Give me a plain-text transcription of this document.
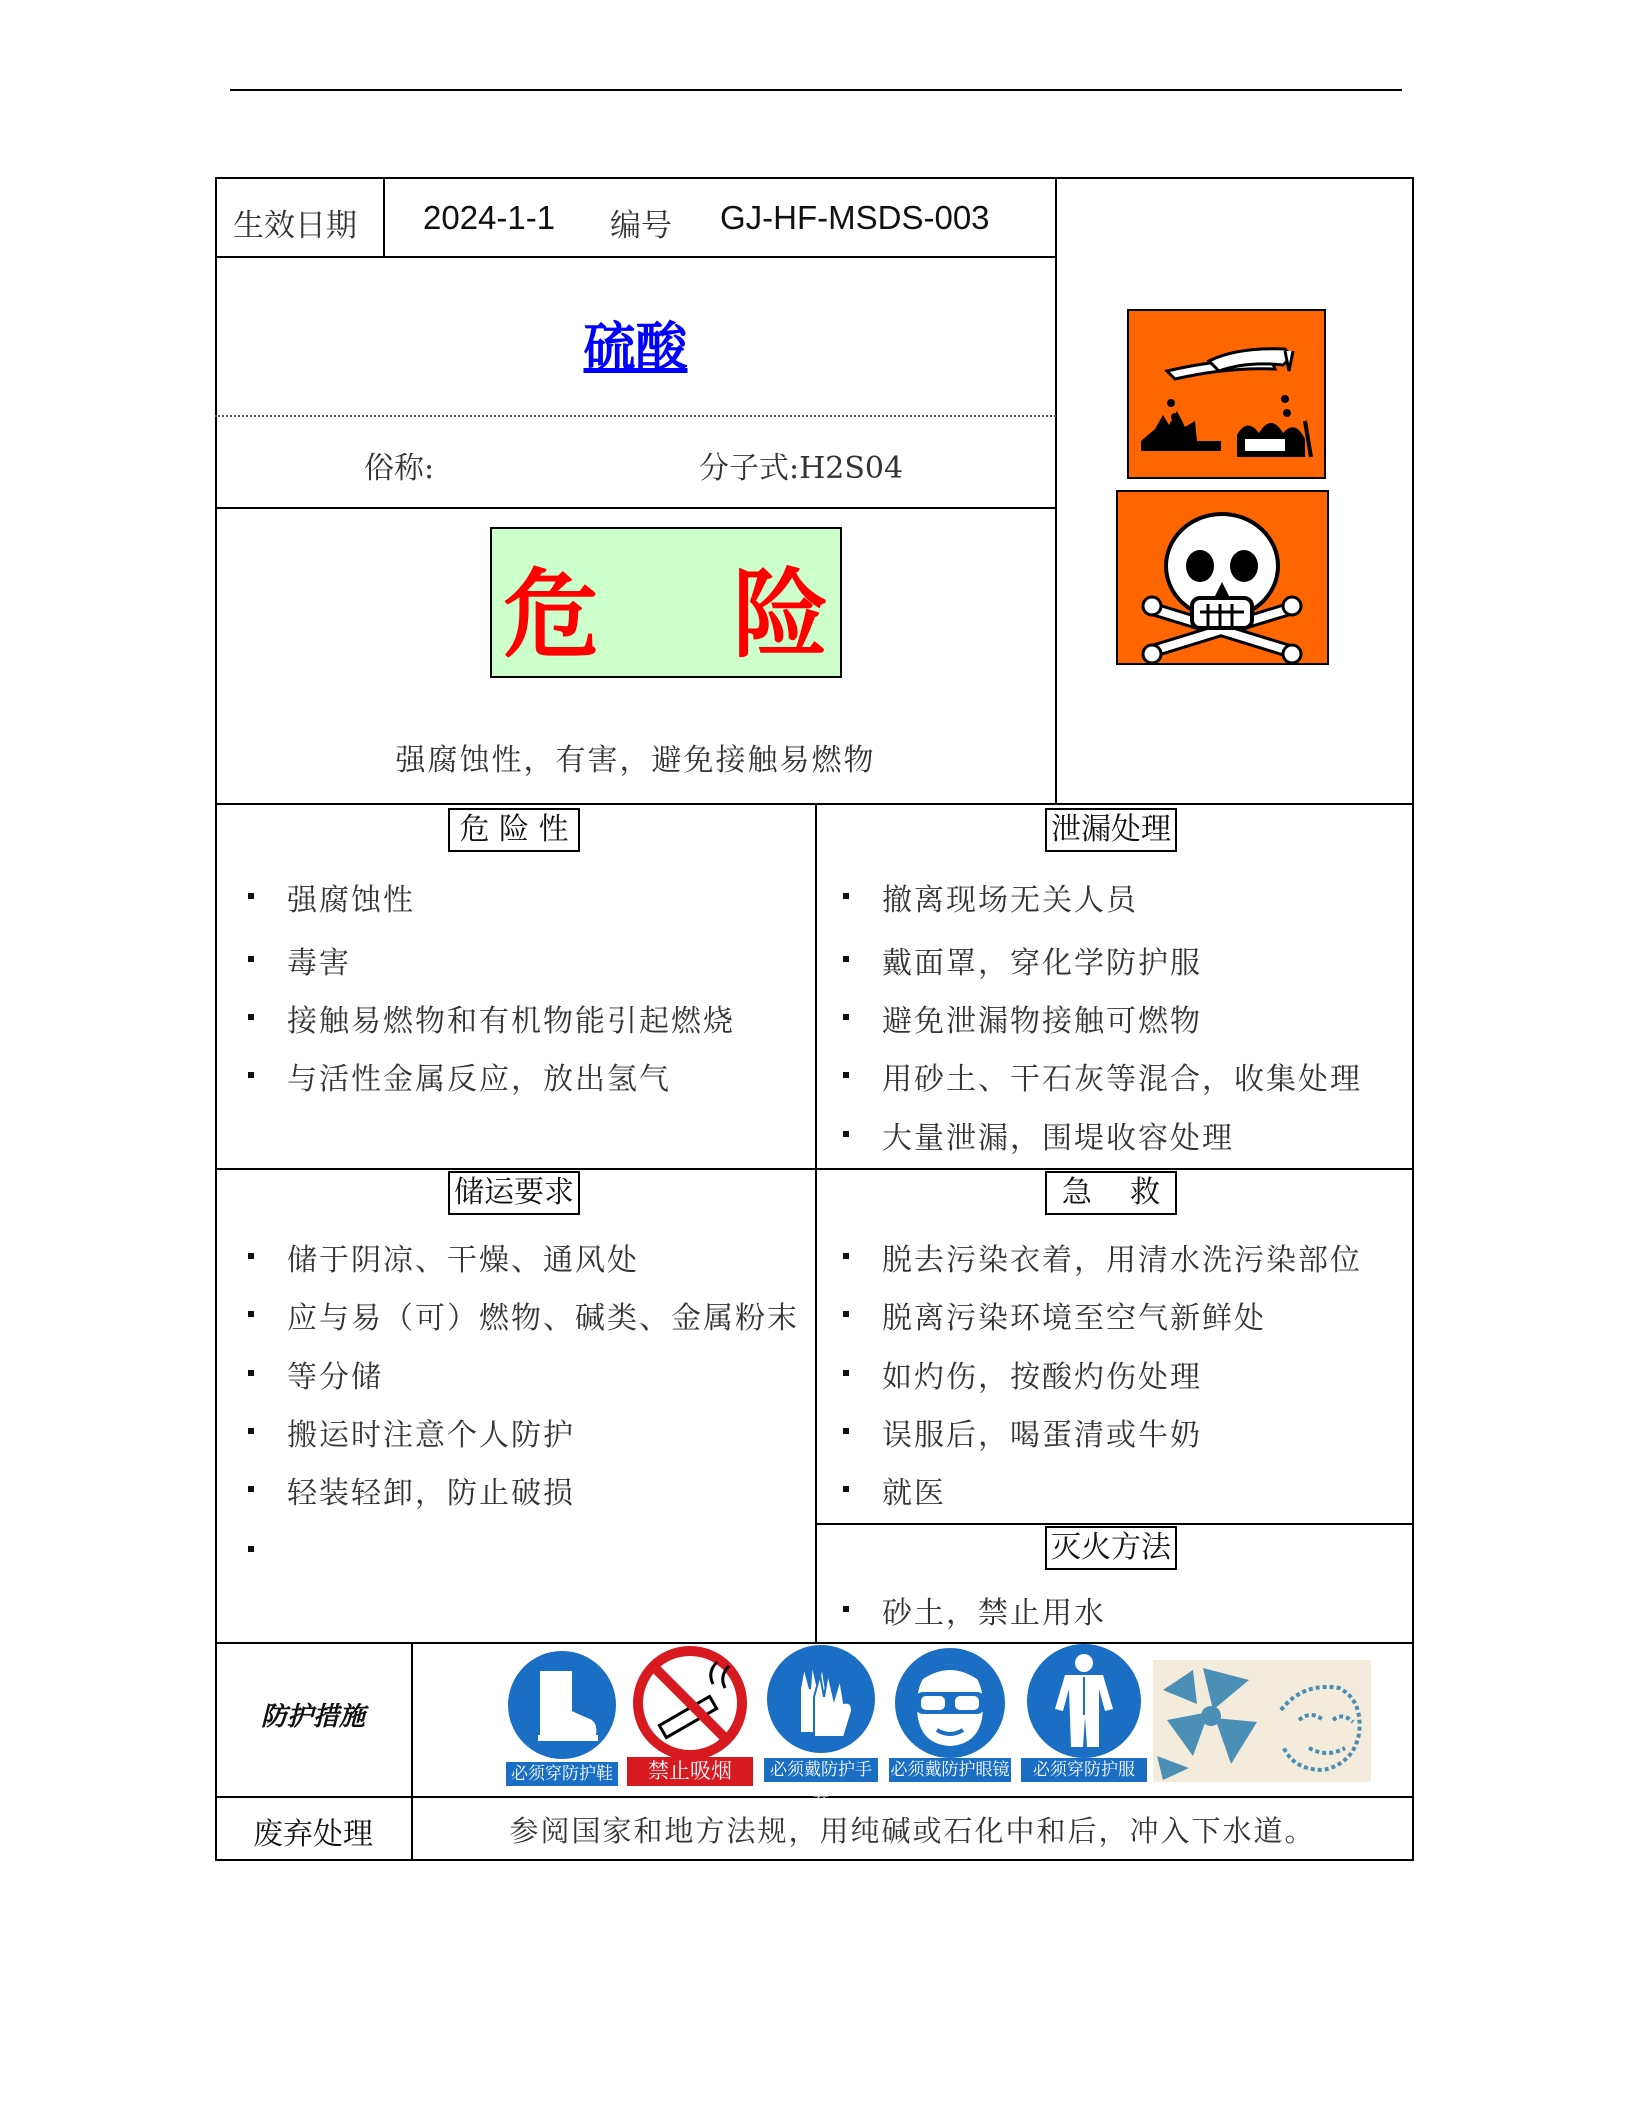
生效日期 2024-1-1 编号 GJ-HF-MSDS-003
硫酸
俗称:	分子式:H2S04
危 险
强腐蚀性，有害，避免接触易燃物
危 险 性
强腐蚀性
毒害
接触易燃物和有机物能引起燃烧
与活性金属反应，放出氢气
泄漏处理
撤离现场无关人员
戴面罩，穿化学防护服
避免泄漏物接触可燃物
用砂土、干石灰等混合，收集处理
大量泄漏，围堤收容处理
储运要求
储于阴凉、干燥、通风处
应与易（可）燃物、碱类、金属粉末
等分储
搬运时注意个人防护
轻装轻卸，防止破损
急    救
脱去污染衣着，用清水洗污染部位
脱离污染环境至空气新鲜处
如灼伤，按酸灼伤处理
误服后，喝蛋清或牛奶
就医
灭火方法
砂土，禁止用水
防护措施
必须穿防护鞋	禁止吸烟	必须戴防护手套
必须戴防护眼镜	必须穿防护服
废弃处理	参阅国家和地方法规，用纯碱或石化中和后，冲入下水道。
